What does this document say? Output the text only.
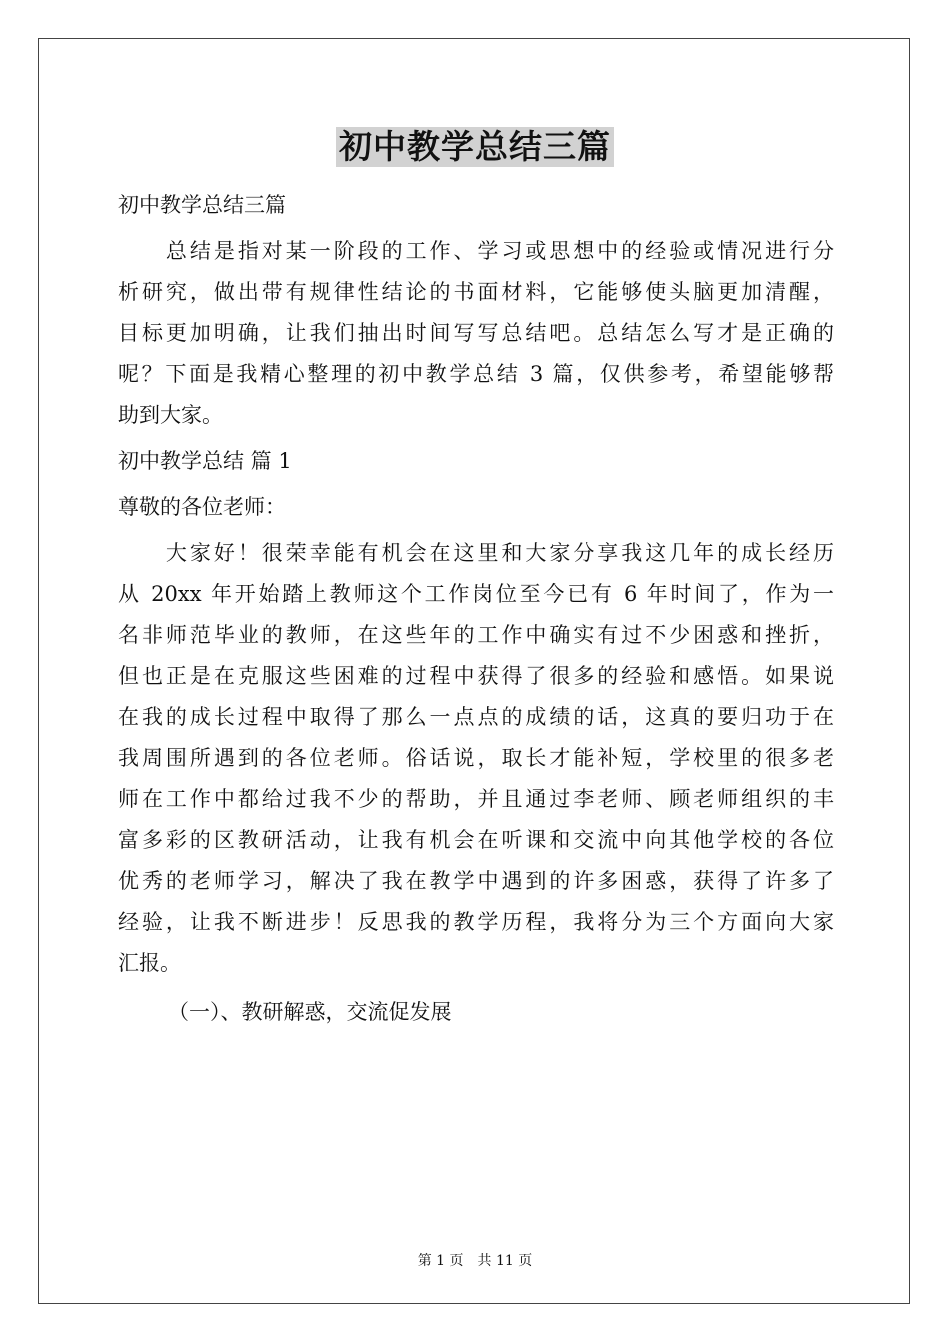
初中教学总结三篇

初中教学总结三篇

　　总结是指对某一阶段的工作、学习或思想中的经验或情况进行分
析研究，做出带有规律性结论的书面材料，它能够使头脑更加清醒，
目标更加明确，让我们抽出时间写写总结吧。总结怎么写才是正确的
呢？下面是我精心整理的初中教学总结 3 篇，仅供参考，希望能够帮
助到大家。

初中教学总结 篇 1

尊敬的各位老师：

　　大家好！很荣幸能有机会在这里和大家分享我这几年的成长经历
从 20xx 年开始踏上教师这个工作岗位至今已有 6 年时间了，作为一
名非师范毕业的教师，在这些年的工作中确实有过不少困惑和挫折，
但也正是在克服这些困难的过程中获得了很多的经验和感悟。如果说
在我的成长过程中取得了那么一点点的成绩的话，这真的要归功于在
我周围所遇到的各位老师。俗话说，取长才能补短，学校里的很多老
师在工作中都给过我不少的帮助，并且通过李老师、顾老师组织的丰
富多彩的区教研活动，让我有机会在听课和交流中向其他学校的各位
优秀的老师学习，解决了我在教学中遇到的许多困惑，获得了许多了
经验，让我不断进步！反思我的教学历程，我将分为三个方面向大家
汇报。

（一）、教研解惑，交流促发展

第 1 页　共 11 页
